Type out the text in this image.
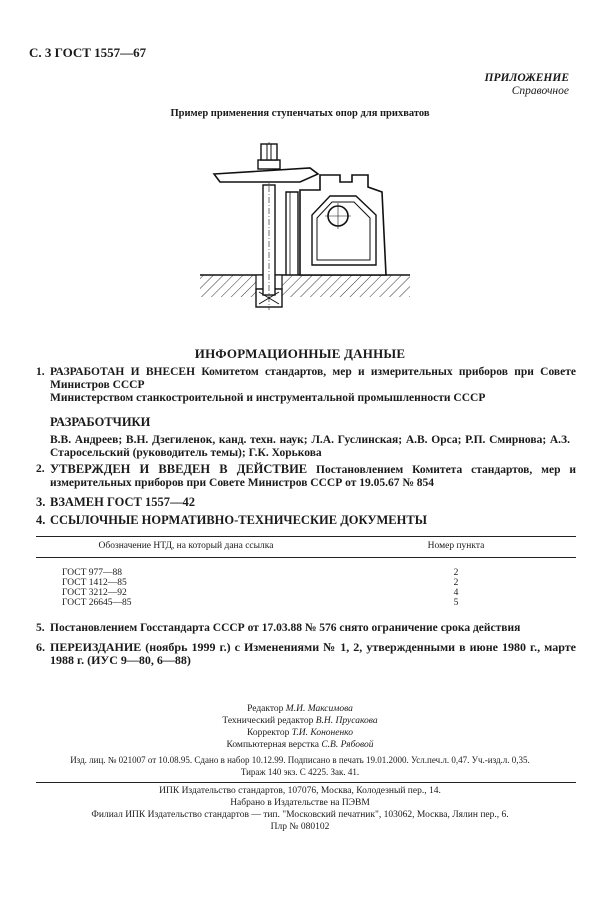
С. 3 ГОСТ 1557—67
ПРИЛОЖЕНИЕ
Справочное
Пример применения ступенчатых опор для прихватов
ИНФОРМАЦИОННЫЕ ДАННЫЕ
1. РАЗРАБОТАН И ВНЕСЕН Комитетом стандартов, мер и измерительных приборов при Совете Министров СССР
Министерством станкостроительной и инструментальной промышленности СССР
РАЗРАБОТЧИКИ
В.В. Андреев; В.Н. Дзегиленок, канд. техн. наук; Л.А. Гуслинская; А.В. Орса; Р.П. Смирнова; А.З. Старосельский (руководитель темы); Г.К. Хорькова
2. УТВЕРЖДЕН И ВВЕДЕН В ДЕЙСТВИЕ Постановлением Комитета стандартов, мер и измерительных приборов при Совете Министров СССР от 19.05.67 № 854
3. ВЗАМЕН ГОСТ 1557—42
4. ССЫЛОЧНЫЕ НОРМАТИВНО-ТЕХНИЧЕСКИЕ ДОКУМЕНТЫ
Обозначение НТД, на который дана ссылка	Номер пункта

ГОСТ 977—88	2
ГОСТ 1412—85	2
ГОСТ 3212—92	4
ГОСТ 26645—85	5
5. Постановлением Госстандарта СССР от 17.03.88 № 576 снято ограничение срока действия
6. ПЕРЕИЗДАНИЕ (ноябрь 1999 г.) с Изменениями № 1, 2, утвержденными в июне 1980 г., марте 1988 г. (ИУС 9—80, 6—88)
Редактор М.И. Максимова
Технический редактор В.Н. Прусакова
Корректор Т.И. Кононенко
Компьютерная верстка С.В. Рябовой
Изд. лиц. № 021007 от 10.08.95. Сдано в набор 10.12.99. Подписано в печать 19.01.2000. Усл.печ.л. 0,47. Уч.-изд.л. 0,35.
Тираж 140 экз. С 4225. Зак. 41.
ИПК Издательство стандартов, 107076, Москва, Колодезный пер., 14.
Набрано в Издательстве на ПЭВМ
Филиал ИПК Издательство стандартов — тип. "Московский печатник", 103062, Москва, Лялин пер., 6.
Плр № 080102
